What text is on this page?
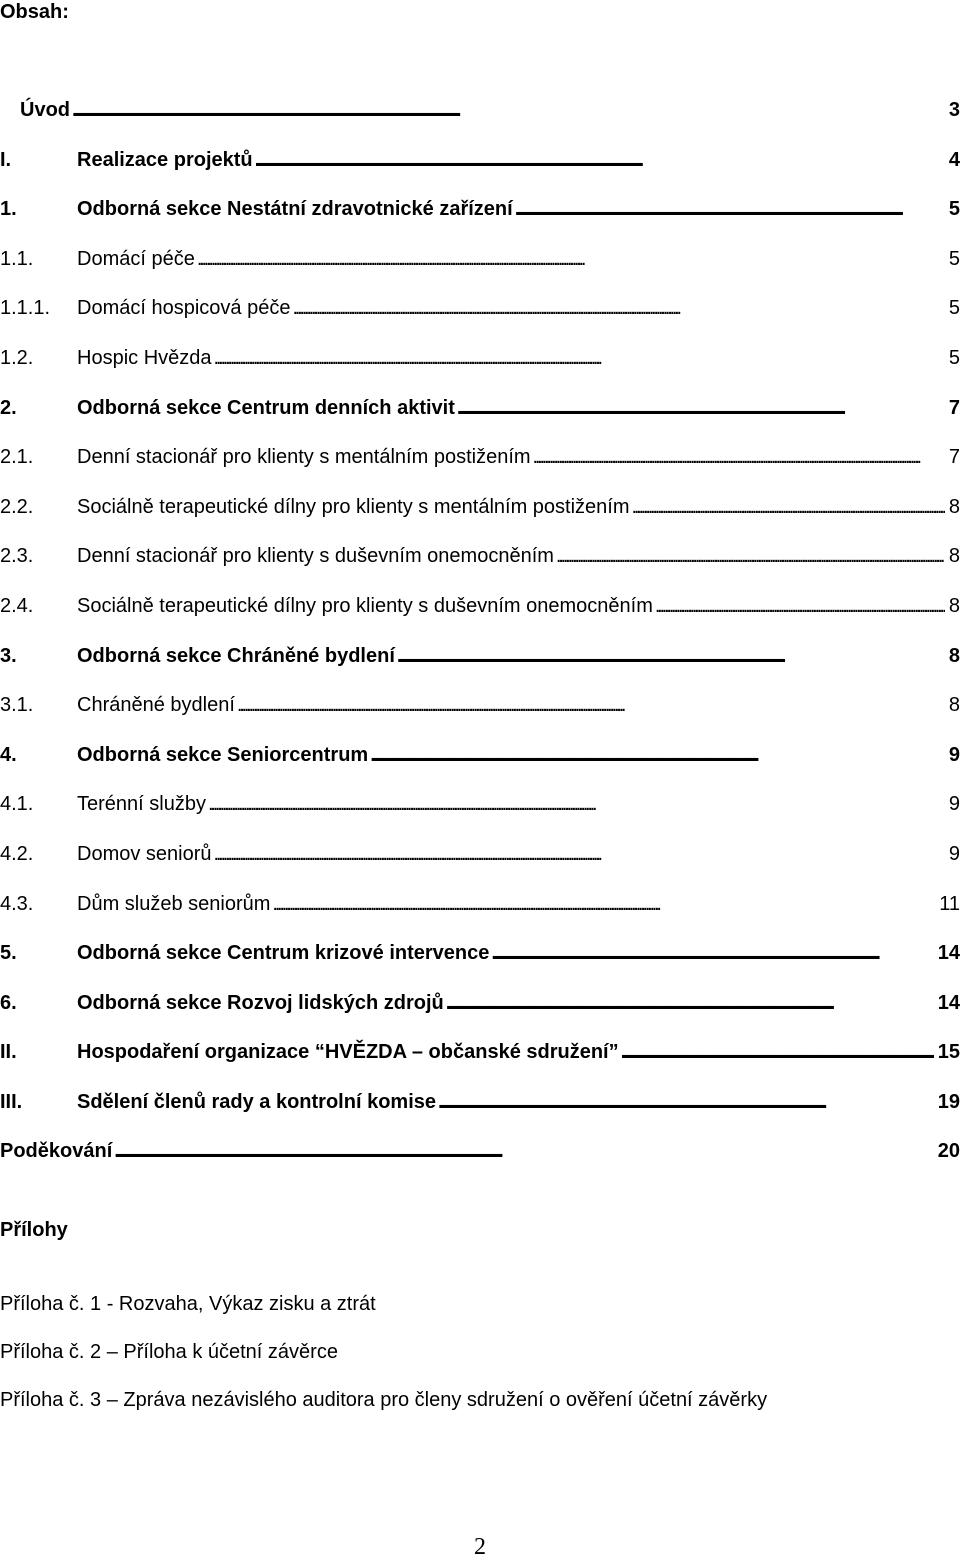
Obsah:
Úvod . . .	3
I.	Realizace projektů . . .	4
1.	Odborná sekce Nestátní zdravotnické zařízení . . .	5
1.1.	Domácí péče . . .	5
1.1.1.	Domácí hospicová péče . . .	5
1.2.	Hospic Hvězda . . .	5
2.	Odborná sekce Centrum denních aktivit . . .	7
2.1.	Denní stacionář pro klienty s mentálním postižením . . .	7
2.2.	Sociálně terapeutické dílny pro klienty s mentálním postižením . . .	8
2.3.	Denní stacionář pro klienty s duševním onemocněním . . .	8
2.4.	Sociálně terapeutické dílny pro klienty s duševním onemocněním . . .	8
3.	Odborná sekce Chráněné bydlení . . .	8
3.1.	Chráněné bydlení . . .	8
4.	Odborná sekce Seniorcentrum . . .	9
4.1.	Terénní služby . . .	9
4.2.	Domov seniorů . . .	9
4.3.	Dům služeb seniorům . . .	11
5.	Odborná sekce Centrum krizové intervence . . .	14
6.	Odborná sekce Rozvoj lidských zdrojů . . .	14
II.	Hospodaření organizace “HVĚZDA – občanské sdružení” . . .	15
III.	Sdělení členů rady a kontrolní komise . . .	19
Poděkování . . .	20
Přílohy
Příloha č. 1 - Rozvaha, Výkaz zisku a ztrát
Příloha č. 2 – Příloha k účetní závěrce
Příloha č. 3 – Zpráva nezávislého auditora pro členy sdružení o ověření účetní závěrky
2
